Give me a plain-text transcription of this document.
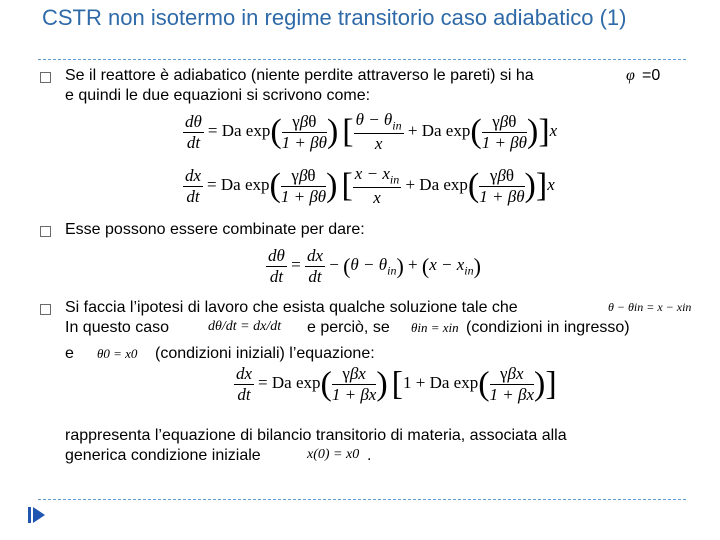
CSTR non isotermo in regime transitorio caso adiabatico (1)
Se il reattore è adiabatico (niente perdite attraverso le pareti) si ha	φ =0
e quindi le due equazioni si scrivono come:
$\frac{d\theta}{dt} = Da$ $\exp( \frac{\text{γβθ}}{1 + \beta\theta}$ ) [ $\frac{\theta - \theta_{in}}{x} + Da$ $\exp( \frac{\text{γβθ}}{1 + \beta\theta} )]x$
$\frac{dx}{dt} = Da$ $\exp( \frac{\text{γβθ}}{1 + \beta\theta}$ ) [ $\frac{x - x_{in}}{x} + Da$ $\exp( \frac{\text{γβθ}}{1 + \beta\theta} )]x$
Esse possono essere combinate per dare:
$\frac{d\theta}{dt} = \frac{dx}{dt} - (\theta - \theta_{in}) + (x - x_{in})$
Si faccia l’ipotesi di lavoro che esista qualche soluzione tale che	θ − θin = x − xin
In questo caso	dθ/dt = dx/dt e perciò, se θin = xin (condizioni in ingresso)
e θ0 = x0 (condizioni iniziali) l’equazione:
$\frac{dx}{dt} = Da$ $\exp( \frac{\text{γβx}}{1 + \beta x}$ ) [1 + Da $\exp( \frac{\text{γβx}}{1 + \beta x}$ )]
rappresenta l’equazione di bilancio transitorio di materia, associata alla
generica condizione iniziale	x(0) = x0 .
